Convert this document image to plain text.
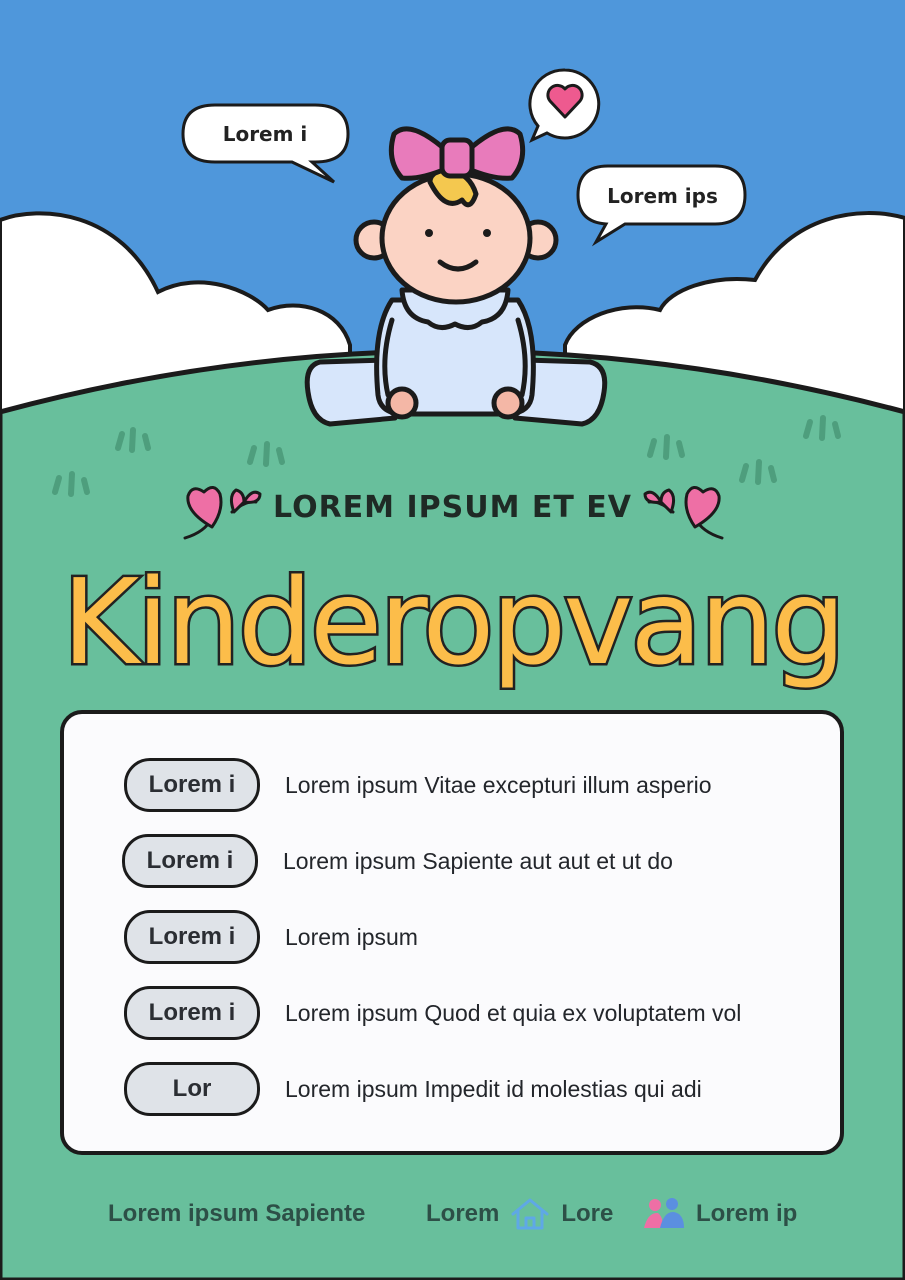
Lorem i
Lorem ips
LOREM IPSUM ET EV
Kinderopvang
Lorem i	Lorem ipsum Vitae excepturi illum asperio
Lorem i	Lorem ipsum Sapiente aut aut et ut do
Lorem i	Lorem ipsum
Lorem i	Lorem ipsum Quod et quia ex voluptatem vol
Lor	Lorem ipsum Impedit id molestias qui adi
Lorem ipsum Sapiente	Lorem	Lore	Lorem ip
